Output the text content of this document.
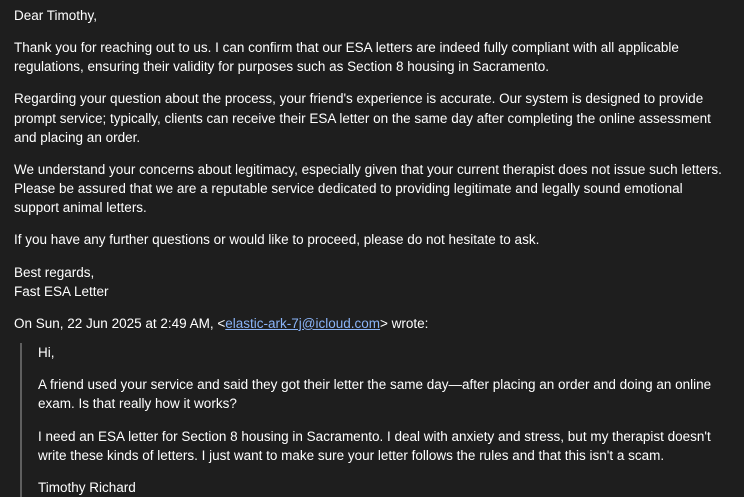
Dear Timothy,

Thank you for reaching out to us. I can confirm that our ESA letters are indeed fully compliant with all applicable regulations, ensuring their validity for purposes such as Section 8 housing in Sacramento.

Regarding your question about the process, your friend's experience is accurate. Our system is designed to provide prompt service; typically, clients can receive their ESA letter on the same day after completing the online assessment and placing an order.

We understand your concerns about legitimacy, especially given that your current therapist does not issue such letters. Please be assured that we are a reputable service dedicated to providing legitimate and legally sound emotional support animal letters.

If you have any further questions or would like to proceed, please do not hesitate to ask.

Best regards,
Fast ESA Letter
On Sun, 22 Jun 2025 at 2:49 AM, <elastic-ark-7j@icloud.com> wrote:

Hi,

A friend used your service and said they got their letter the same day—after placing an order and doing an online exam. Is that really how it works?

I need an ESA letter for Section 8 housing in Sacramento. I deal with anxiety and stress, but my therapist doesn't write these kinds of letters. I just want to make sure your letter follows the rules and that this isn't a scam.

Timothy Richard
